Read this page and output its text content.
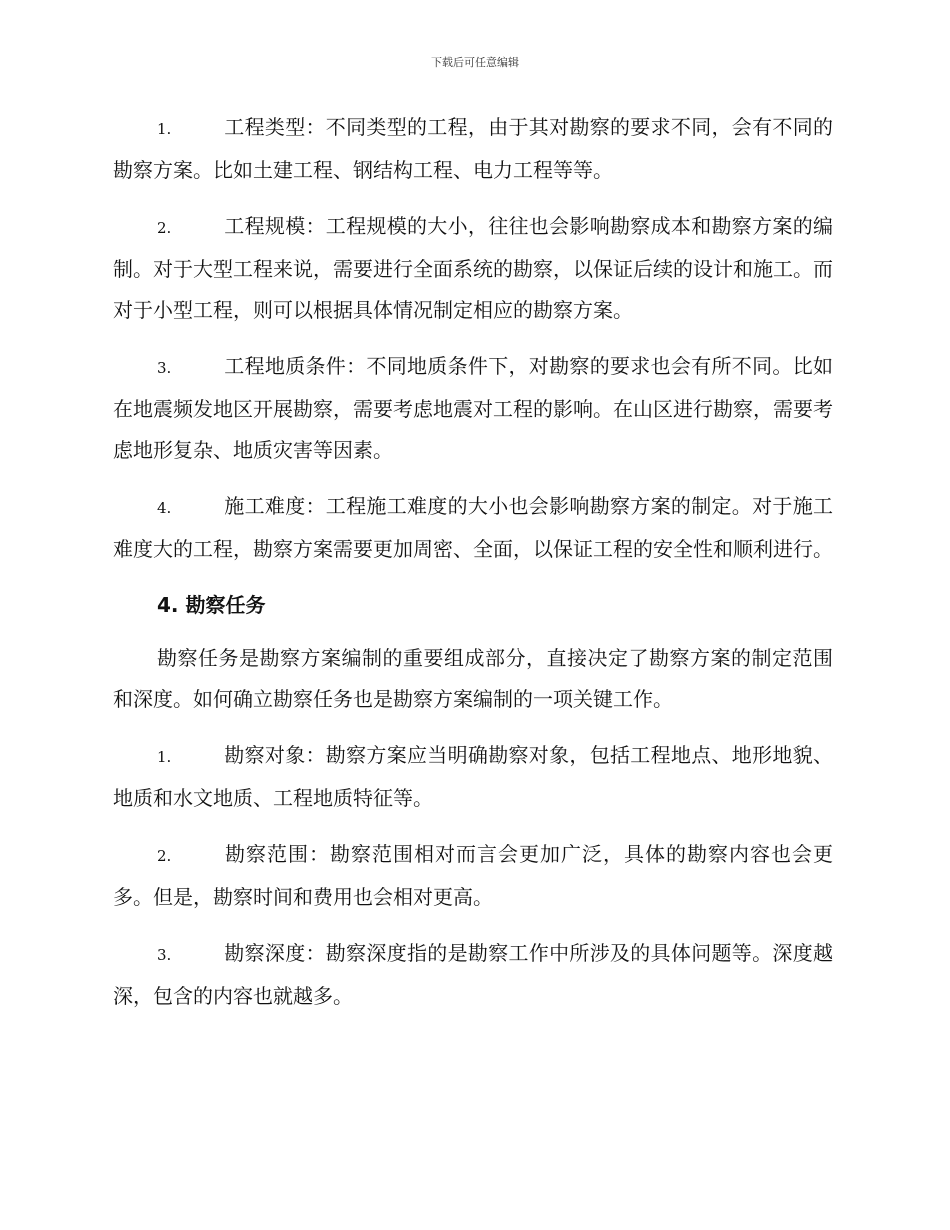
下载后可任意编辑

1.	工程类型：不同类型的工程，由于其对勘察的要求不同，会有不同的勘察方案。比如土建工程、钢结构工程、电力工程等等。

2.	工程规模：工程规模的大小，往往也会影响勘察成本和勘察方案的编制。对于大型工程来说，需要进行全面系统的勘察，以保证后续的设计和施工。而对于小型工程，则可以根据具体情况制定相应的勘察方案。

3.	工程地质条件：不同地质条件下，对勘察的要求也会有所不同。比如在地震频发地区开展勘察，需要考虑地震对工程的影响。在山区进行勘察，需要考虑地形复杂、地质灾害等因素。

4.	施工难度：工程施工难度的大小也会影响勘察方案的制定。对于施工难度大的工程，勘察方案需要更加周密、全面，以保证工程的安全性和顺利进行。

4. 勘察任务

勘察任务是勘察方案编制的重要组成部分，直接决定了勘察方案的制定范围和深度。如何确立勘察任务也是勘察方案编制的一项关键工作。

1.	勘察对象：勘察方案应当明确勘察对象，包括工程地点、地形地貌、地质和水文地质、工程地质特征等。

2.	勘察范围：勘察范围相对而言会更加广泛，具体的勘察内容也会更多。但是，勘察时间和费用也会相对更高。

3.	勘察深度：勘察深度指的是勘察工作中所涉及的具体问题等。深度越深，包含的内容也就越多。
